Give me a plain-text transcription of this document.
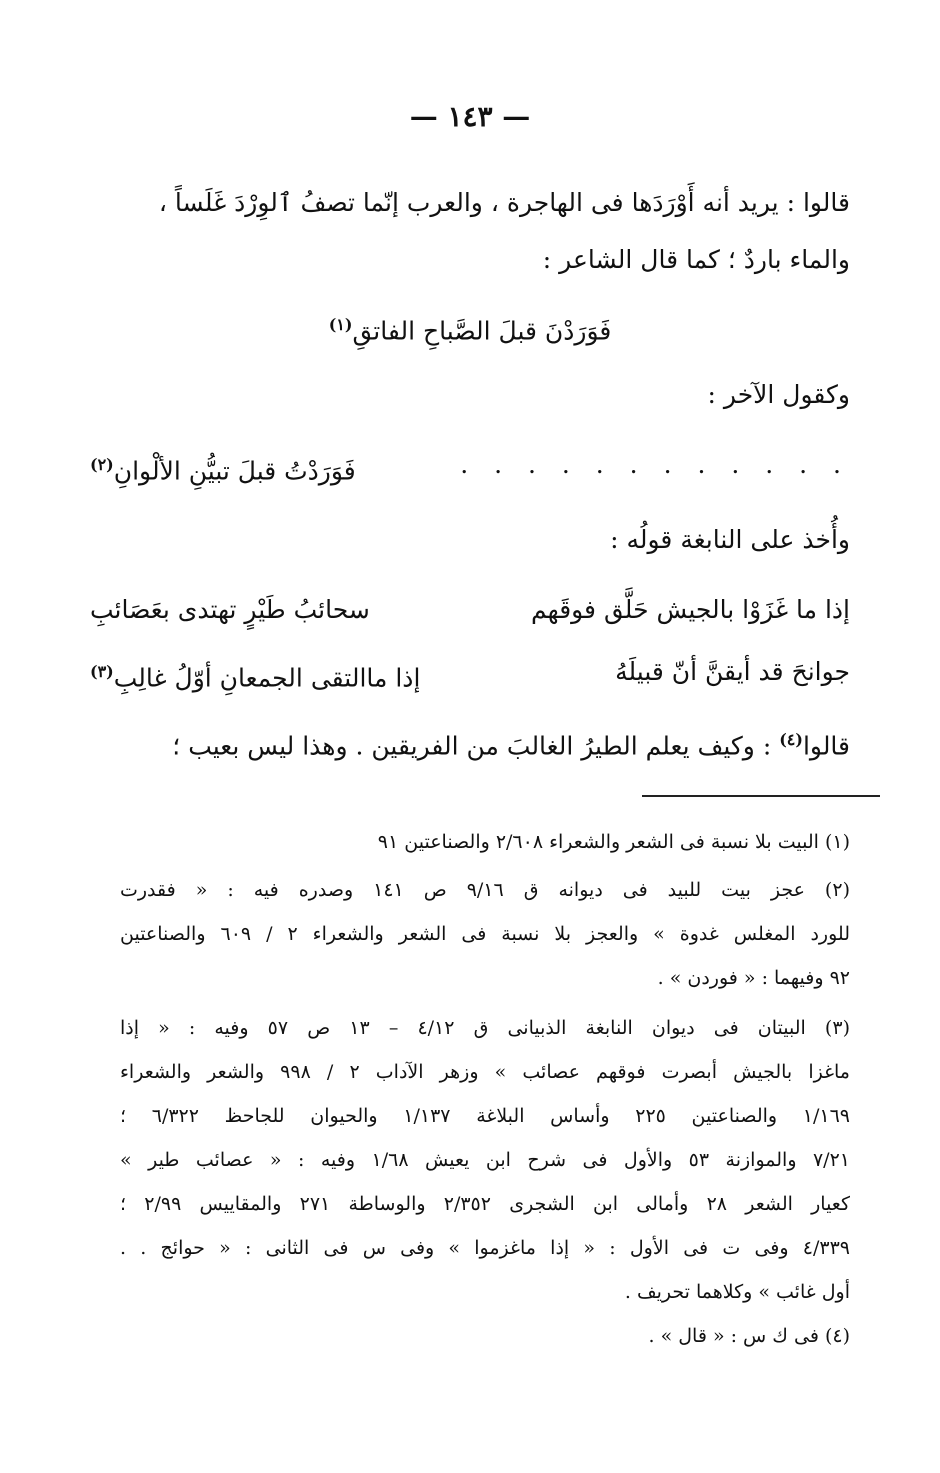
— ١٤٣ —
قالوا : يريد أنه أَوْرَدَها فى الهاجرة ، والعرب إنّما تصفُ ٱلوِرْدَ غَلَساً ،
والماء باردٌ ؛ كما قال الشاعر :
فَوَرَدْنَ قبلَ الصَّباحِ الفاتقِ$^{(١)}$
وكقول الآخر :
. . . . . . . . . . . .
فَوَرَدْتُ قبلَ تبيُّنِ الألْوانِ$^{(٢)}$
وأُخذ على النابغة قولُه :
إذا ما غَزَوْا بالجيش حَلَّق فوقَهم
سحائبُ طَيْرٍ تهتدى بعَصَائبِ
جوانحَ قد أيقنَّ أنّ قبيلَهُ
إذا ماالتقى الجمعانِ أوّلُ غالِبِ$^{(٣)}$
قالوا$^{(٤)}$ : وكيف يعلم الطيرُ الغالبَ من الفريقين . وهذا ليس بعيب ؛
(١) البيت بلا نسبة فى الشعر والشعراء ٢/٦٠٨ والصناعتين ٩١
(٢) عجز بيت للبيد فى ديوانه ق ٩/١٦ ص ١٤١ وصدره فيه : « فقدرت
للورد المغلس غدوة » والعجز بلا نسبة فى الشعر والشعراء ٢ / ٦٠٩ والصناعتين
٩٢ وفيهما : « فوردن » .
(٣) البيتان فى ديوان النابغة الذبيانى ق ٤/١٢ – ١٣ ص ٥٧ وفيه : « إذا
ماغزا بالجيش أبصرت فوقهم عصائب » وزهر الآداب ٢ / ٩٩٨ والشعر والشعراء
١/١٦٩ والصناعتين ٢٢٥ وأساس البلاغة ١/١٣٧ والحيوان للجاحظ ٦/٣٢٢ ؛
٧/٢١ والموازنة ٥٣ والأول فى شرح ابن يعيش ١/٦٨ وفيه : « عصائب طير »
كعيار الشعر ٢٨ وأمالى ابن الشجرى ٢/٣٥٢ والوساطة ٢٧١ والمقاييس ٢/٩٩ ؛
٤/٣٣٩ وفى ت فى الأول : « إذا ماغزموا » وفى س فى الثانى : « حوائج . .
أول غائب » وكلاهما تحريف .
(٤) فى ك س : « قال » .
